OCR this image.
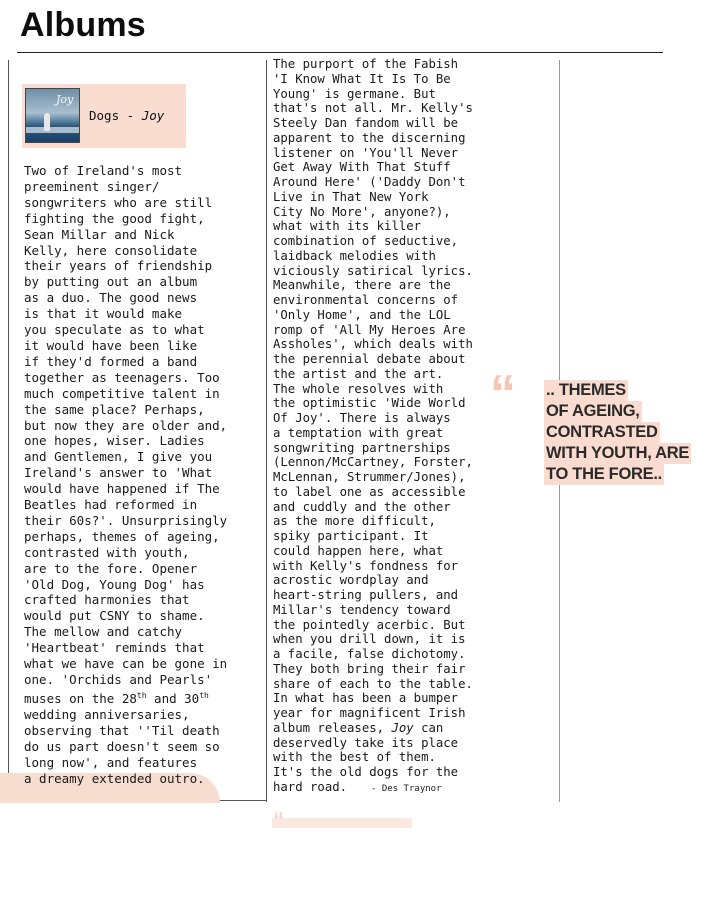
Albums
“
Joy
Dogs - Joy
Two of Ireland's most
preeminent singer/
songwriters who are still
fighting the good fight,
Sean Millar and Nick
Kelly, here consolidate
their years of friendship
by putting out an album
as a duo. The good news
is that it would make
you speculate as to what
it would have been like
if they'd formed a band
together as teenagers. Too
much competitive talent in
the same place? Perhaps,
but now they are older and,
one hopes, wiser. Ladies
and Gentlemen, I give you
Ireland's answer to 'What
would have happened if The
Beatles had reformed in
their 60s?'. Unsurprisingly
perhaps, themes of ageing,
contrasted with youth,
are to the fore. Opener
'Old Dog, Young Dog' has
crafted harmonies that
would put CSNY to shame.
The mellow and catchy
'Heartbeat' reminds that
what we have can be gone in
one. 'Orchids and Pearls'
muses on the 28th and 30th
wedding anniversaries,
observing that ''Til death
do us part doesn't seem so
long now', and features
a dreamy extended outro.
The purport of the Fabish
'I Know What It Is To Be
Young' is germane. But
that's not all. Mr. Kelly's
Steely Dan fandom will be
apparent to the discerning
listener on 'You'll Never
Get Away With That Stuff
Around Here' ('Daddy Don't
Live in That New York
City No More', anyone?),
what with its killer
combination of seductive,
laidback melodies with
viciously satirical lyrics.
Meanwhile, there are the
environmental concerns of
'Only Home', and the LOL
romp of 'All My Heroes Are
Assholes', which deals with
the perennial debate about
the artist and the art.
The whole resolves with
the optimistic 'Wide World
Of Joy'. There is always
a temptation with great
songwriting partnerships
(Lennon/McCartney, Forster,
McLennan, Strummer/Jones),
to label one as accessible
and cuddly and the other
as the more difficult,
spiky participant. It
could happen here, what
with Kelly's fondness for
acrostic wordplay and
heart-string pullers, and
Millar's tendency toward
the pointedly acerbic. But
when you drill down, it is
a facile, false dichotomy.
They both bring their fair
share of each to the table.
In what has been a bumper
year for magnificent Irish
album releases, Joy can
deservedly take its place
with the best of them.
It's the old dogs for the
hard road.	- Des Traynor
“ .. THEMES
OF AGEING,
CONTRASTED
WITH YOUTH, ARE
TO THE FORE..
